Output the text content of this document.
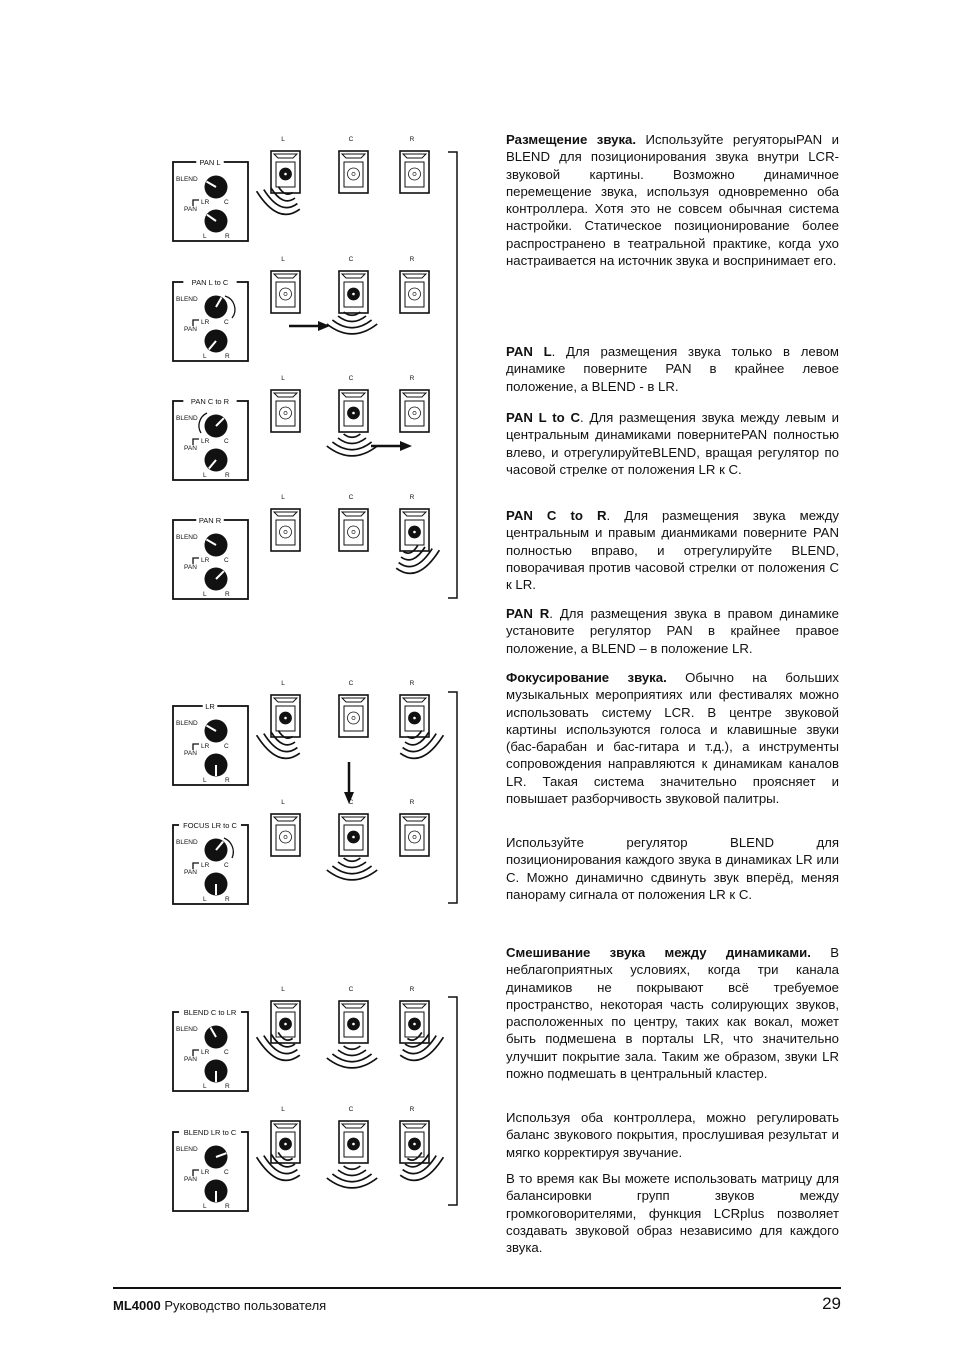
PAN L
BLEND
PAN
LR C
L	R
L	C	R
PAN L to C
BLEND
PAN
LR C
L	R
L	C	R
PAN C to R
BLEND
PAN
LR C
L	R
L	C	R
PAN R
BLEND
PAN
LR C
L	R
L	C	R
LR
BLEND
PAN
LR C
L	R
L	C	R
FOCUS LR to C
BLEND
PAN
LR C
L	R
L	C	R
BLEND C to LR
BLEND
PAN
LR C
L	R
L	C	R
BLEND LR to C
BLEND
PAN
LR C
L	R
L	C	R

Размещение звука. Используйте регуяторыPAN и BLEND для позиционирования звука внутри LCR-звуковой картины. Возможно динамичное перемещение звука, используя одновременно оба контроллера. Хотя это не совсем обычная система настройки. Статическое позиционирование более распространено в театральной практике, когда ухо настраивается на источник звука и воспринимает его.

PAN L. Для размещения звука только в левом динамике поверните PAN в крайнее левое положение, а BLEND - в LR.

PAN L to C. Для размещения звука между левым и центральным динамиками повернитеPAN полностью влево, и отрегулируйтеBLEND, вращая регулятор по часовой стрелке от положения LR к С.

PAN C to R. Для размещения звука между центральным и правым дианмиками поверните PAN полностью вправо, и отрегулируйте BLEND, поворачивая против часовой стрелки от положения С к LR.

PAN R. Для размещения звука в правом динамике установите регулятор PAN в крайнее правое положение, а BLEND – в положение LR.

Фокусирование звука. Обычно на больших музыкальных мероприятиях или фестивалях можно использовать систему LCR. В центре звуковой картины используются голоса и клавишные звуки (бас-барабан и бас-гитара и т.д.), а инструменты сопровождения направляются к динамикам каналов LR. Такая система значительно проясняет и повышает разборчивость звуковой палитры.

Используйте регулятор BLEND для позиционирования каждого звука в динамиках LR или С. Можно динамично сдвинуть звук вперёд, меняя панораму сигнала от положения LR к С.

Смешивание звука между динамиками. В неблагоприятных условиях, когда три канала динамиков не покрывают всё требуемое пространство, некоторая часть солирующих звуков, расположенных по центру, таких как вокал, может быть подмешена в порталы LR, что значительно улучшит покрытие зала. Таким же образом, звуки LR пожно подмешать в центральный кластер.

Используя оба контроллера, можно регулировать баланс звукового покрытия, прослушивая результат и мягко корректируя звучание.

В то время как Вы можете использовать матрицу для балансировки групп звуков между громкоговорителями, функция LCRplus позволяет создавать звуковой образ независимо для каждого звука.

ML4000 Руководство пользователя	29
